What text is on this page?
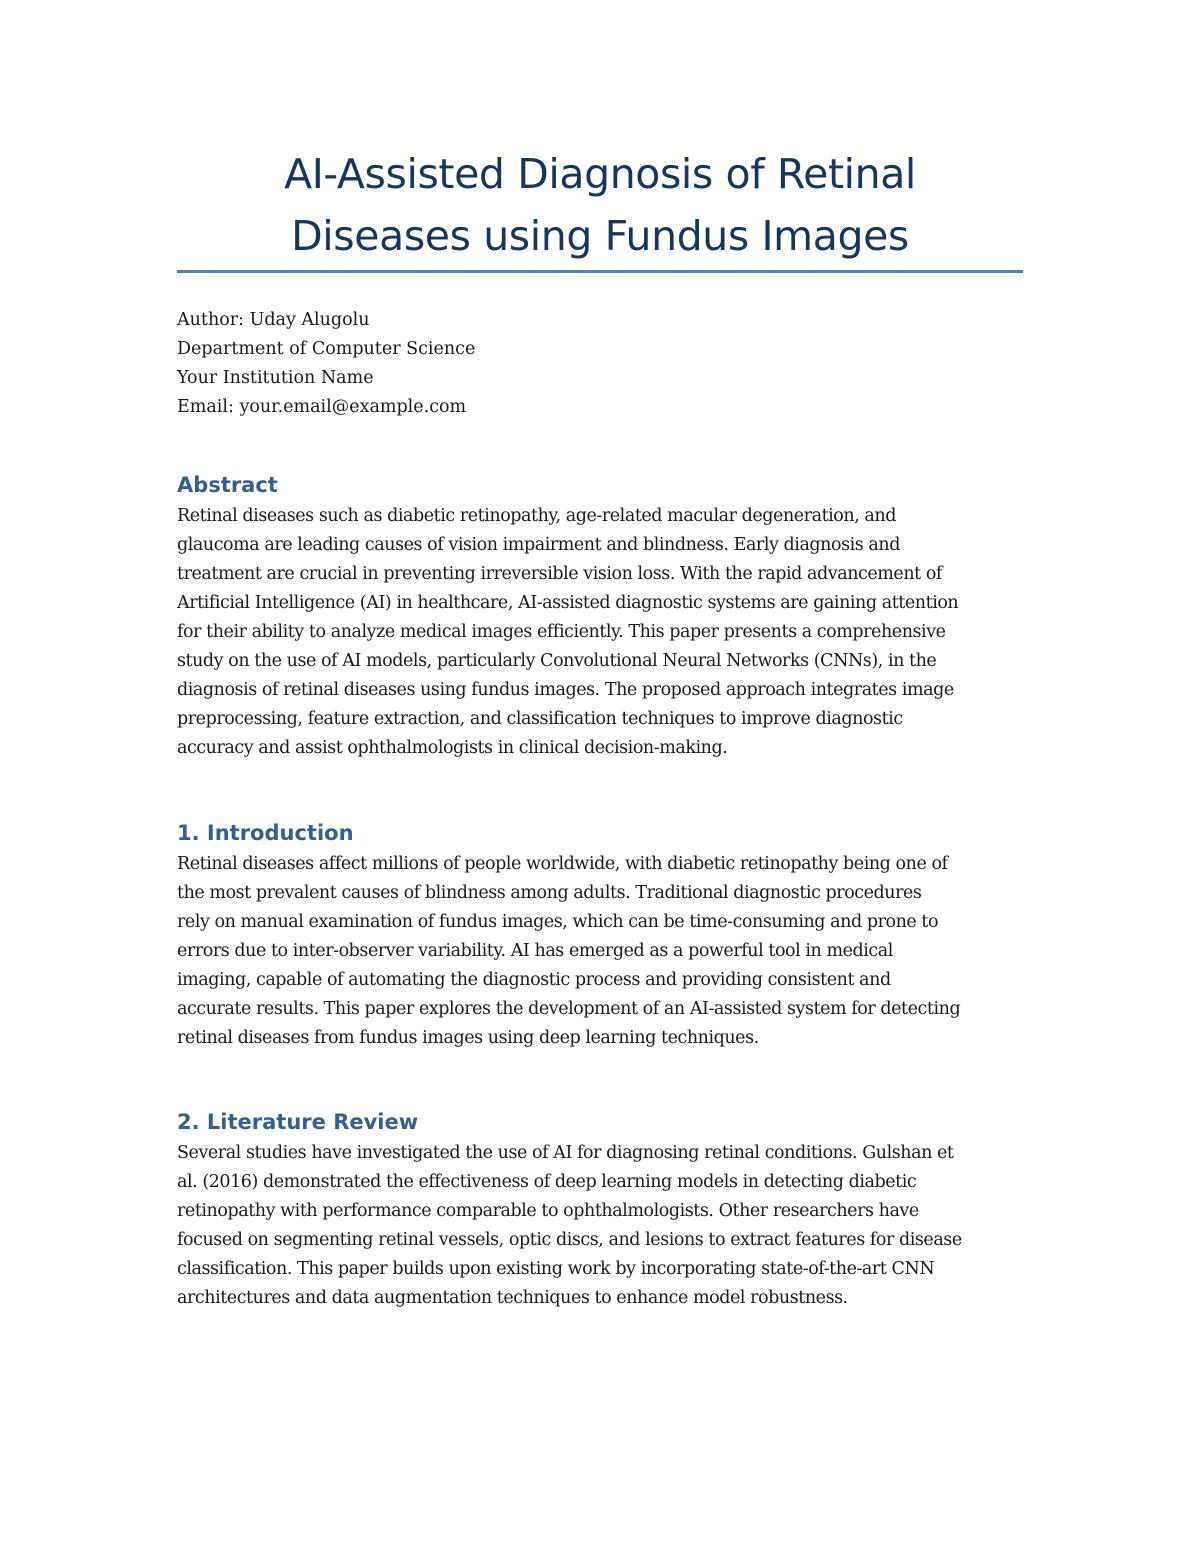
AI-Assisted Diagnosis of Retinal
Diseases using Fundus Images
Author: Uday Alugolu
Department of Computer Science
Your Institution Name
Email: your.email@example.com
Abstract
Retinal diseases such as diabetic retinopathy, age-related macular degeneration, and
glaucoma are leading causes of vision impairment and blindness. Early diagnosis and
treatment are crucial in preventing irreversible vision loss. With the rapid advancement of
Artificial Intelligence (AI) in healthcare, AI-assisted diagnostic systems are gaining attention
for their ability to analyze medical images efficiently. This paper presents a comprehensive
study on the use of AI models, particularly Convolutional Neural Networks (CNNs), in the
diagnosis of retinal diseases using fundus images. The proposed approach integrates image
preprocessing, feature extraction, and classification techniques to improve diagnostic
accuracy and assist ophthalmologists in clinical decision-making.
1. Introduction
Retinal diseases affect millions of people worldwide, with diabetic retinopathy being one of
the most prevalent causes of blindness among adults. Traditional diagnostic procedures
rely on manual examination of fundus images, which can be time-consuming and prone to
errors due to inter-observer variability. AI has emerged as a powerful tool in medical
imaging, capable of automating the diagnostic process and providing consistent and
accurate results. This paper explores the development of an AI-assisted system for detecting
retinal diseases from fundus images using deep learning techniques.
2. Literature Review
Several studies have investigated the use of AI for diagnosing retinal conditions. Gulshan et
al. (2016) demonstrated the effectiveness of deep learning models in detecting diabetic
retinopathy with performance comparable to ophthalmologists. Other researchers have
focused on segmenting retinal vessels, optic discs, and lesions to extract features for disease
classification. This paper builds upon existing work by incorporating state-of-the-art CNN
architectures and data augmentation techniques to enhance model robustness.
